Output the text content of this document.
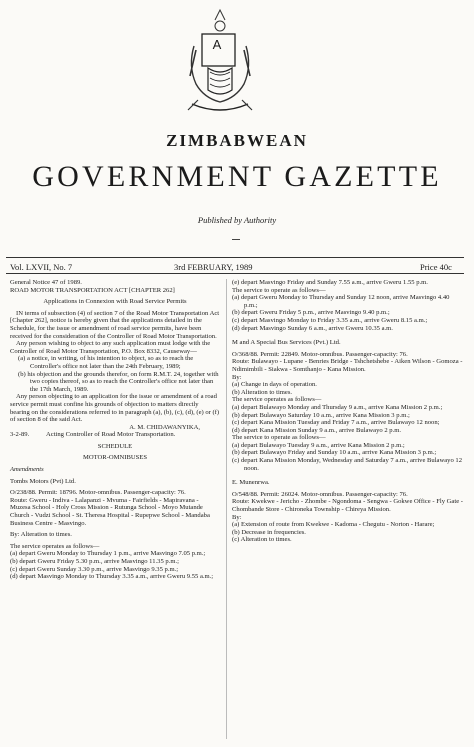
A
ZIMBABWEAN
GOVERNMENT GAZETTE
Published by Authority
Vol. LXVII, No. 7	3rd FEBRUARY, 1989	Price 40c

General Notice 47 of 1989.

ROAD MOTOR TRANSPORTATION ACT [CHAPTER 262]

Applications in Connexion with Road Service Permits

IN terms of subsection (4) of section 7 of the Road Motor Transportation Act [Chapter 262], notice is hereby given that the applications detailed in the Schedule, for the issue or amendment of road service permits, have been received for the consideration of the Controller of Road Motor Transportation.

Any person wishing to object to any such application must lodge with the Controller of Road Motor Transportation, P.O. Box 8332, Causeway—

(a) a notice, in writing, of his intention to object, so as to reach the Controller's office not later than the 24th February, 1989;

(b) his objection and the grounds therefor, on form R.M.T. 24, together with two copies thereof, so as to reach the Controller's office not later than the 17th March, 1989.

Any person objecting to an application for the issue or amendment of a road service permit must confine his grounds of objection to matters directly bearing on the considerations referred to in paragraph (a), (b), (c), (d), (e) or (f) of section 8 of the said Act.

A. M. CHIDAWANYIKA,

3-2-89.	Acting Controller of Road Motor Transportation.

SCHEDULE

MOTOR-OMNIBUSES

Amendments

Tombs Motors (Pvt) Ltd.

O/238/88. Permit: 18796. Motor-omnibus. Passenger-capacity: 76.

Route: Gweru - Indiva - Lalapanzi - Mvuma - Fairfields - Mapiravana - Muzesa School - Holy Cross Mission - Rutunga School - Moyo Mutande Church - Vudzi School - St. Theresa Hospital - Rupepwe School - Mandaba Business Centre - Masvingo.

By: Alteration to times.

The service operates as follows—

(a) depart Gweru Monday to Thursday 1 p.m., arrive Masvingo 7.05 p.m.;

(b) depart Gweru Friday 5.30 p.m., arrive Masvingo 11.35 p.m.;

(c) depart Gweru Sunday 3.30 p.m., arrive Masvingo 9.35 p.m.;

(d) depart Masvingo Monday to Thursday 3.35 a.m., arrive Gweru 9.55 a.m.;

(e) depart Masvingo Friday and Sunday 7.55 a.m., arrive Gweru 1.55 p.m.

The service to operate as follows—

(a) depart Gweru Monday to Thursday and Sunday 12 noon, arrive Masvingo 4.40 p.m.;

(b) depart Gweru Friday 5 p.m., arrive Masvingo 9.40 p.m.;

(c) depart Masvingo Monday to Friday 3.35 a.m., arrive Gweru 8.15 a.m.;

(d) depart Masvingo Sunday 6 a.m., arrive Gweru 10.35 a.m.

M and A Special Bus Services (Pvt.) Ltd.

O/368/88. Permit: 22849. Motor-omnibus. Passenger-capacity: 76.

Route: Bulawayo - Lupane - Benries Bridge - Tshchetshebe - Aiken Wilson - Gomoza - Ndimimbili - Siakwa - Somthanjo - Kana Mission.

By:

(a) Change in days of operation.

(b) Alteration to times.

The service operates as follows—

(a) depart Bulawayo Monday and Thursday 9 a.m., arrive Kana Mission 2 p.m.;

(b) depart Bulawayo Saturday 10 a.m., arrive Kana Mission 3 p.m.;

(c) depart Kana Mission Tuesday and Friday 7 a.m., arrive Bulawayo 12 noon;

(d) depart Kana Mission Sunday 9 a.m., arrive Bulawayo 2 p.m.

The service to operate as follows—

(a) depart Bulawayo Tuesday 9 a.m., arrive Kana Mission 2 p.m.;

(b) depart Bulawayo Friday and Sunday 10 a.m., arrive Kana Mission 3 p.m.;

(c) depart Kana Mission Monday, Wednesday and Saturday 7 a.m., arrive Bulawayo 12 noon.

E. Munenrwa.

O/548/88. Permit: 26024. Motor-omnibus. Passenger-capacity: 76.

Route: Kwekwe - Jericho - Zhombe - Ngondoma - Sengwa - Gokwe Office - Fly Gate - Chombande Store - Chironeka Township - Chireya Mission.

By:

(a) Extension of route from Kwekwe - Kadoma - Chegutu - Norton - Harare;

(b) Decrease in frequencies.

(c) Alteration to times.
